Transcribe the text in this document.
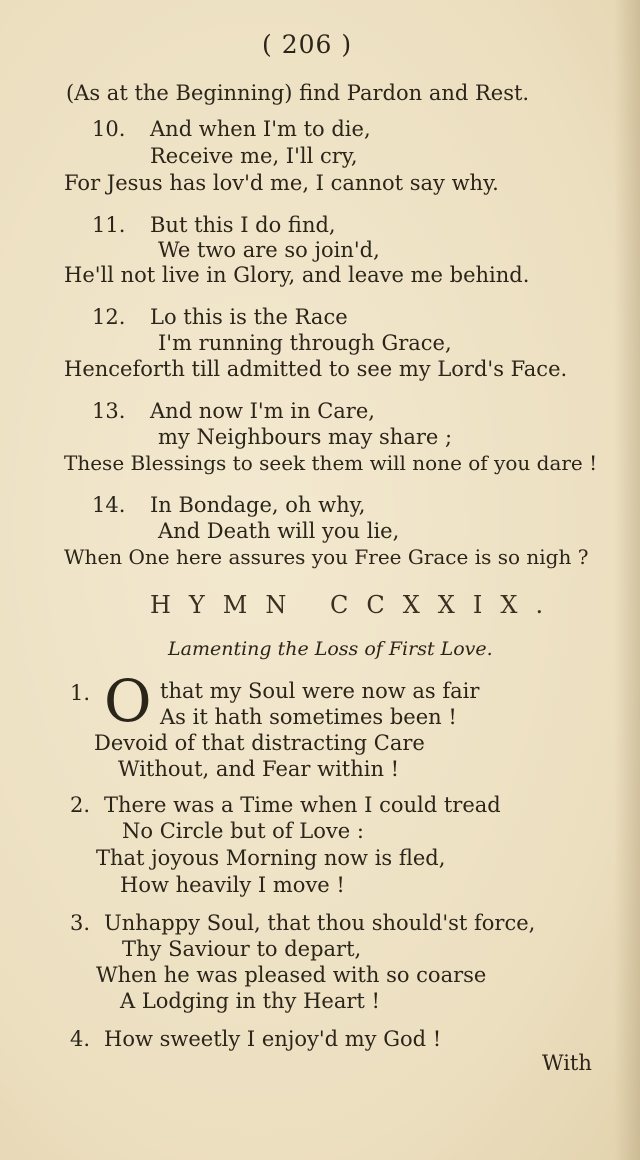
( 206 )
(As at the Beginning) find Pardon and Rest.
10. And when I'm to die,
Receive me, I'll cry,
For Jesus has lov'd me, I cannot say why.
11. But this I do find,
We two are so join'd,
He'll not live in Glory, and leave me behind.
12. Lo this is the Race
I'm running through Grace,
Henceforth till admitted to see my Lord's Face.
13. And now I'm in Care,
my Neighbours may share ;
These Blessings to seek them will none of you dare !
14. In Bondage, oh why,
And Death will you lie,
When One here assures you Free Grace is so nigh ?
HYMN CCXXIX.
Lamenting the Loss of First Love.
1. O that my Soul were now as fair
As it hath sometimes been !
Devoid of that distracting Care
Without, and Fear within !
2. There was a Time when I could tread
No Circle but of Love :
That joyous Morning now is fled,
How heavily I move !
3. Unhappy Soul, that thou should'st force,
Thy Saviour to depart,
When he was pleased with so coarse
A Lodging in thy Heart !
4. How sweetly I enjoy'd my God !
With
